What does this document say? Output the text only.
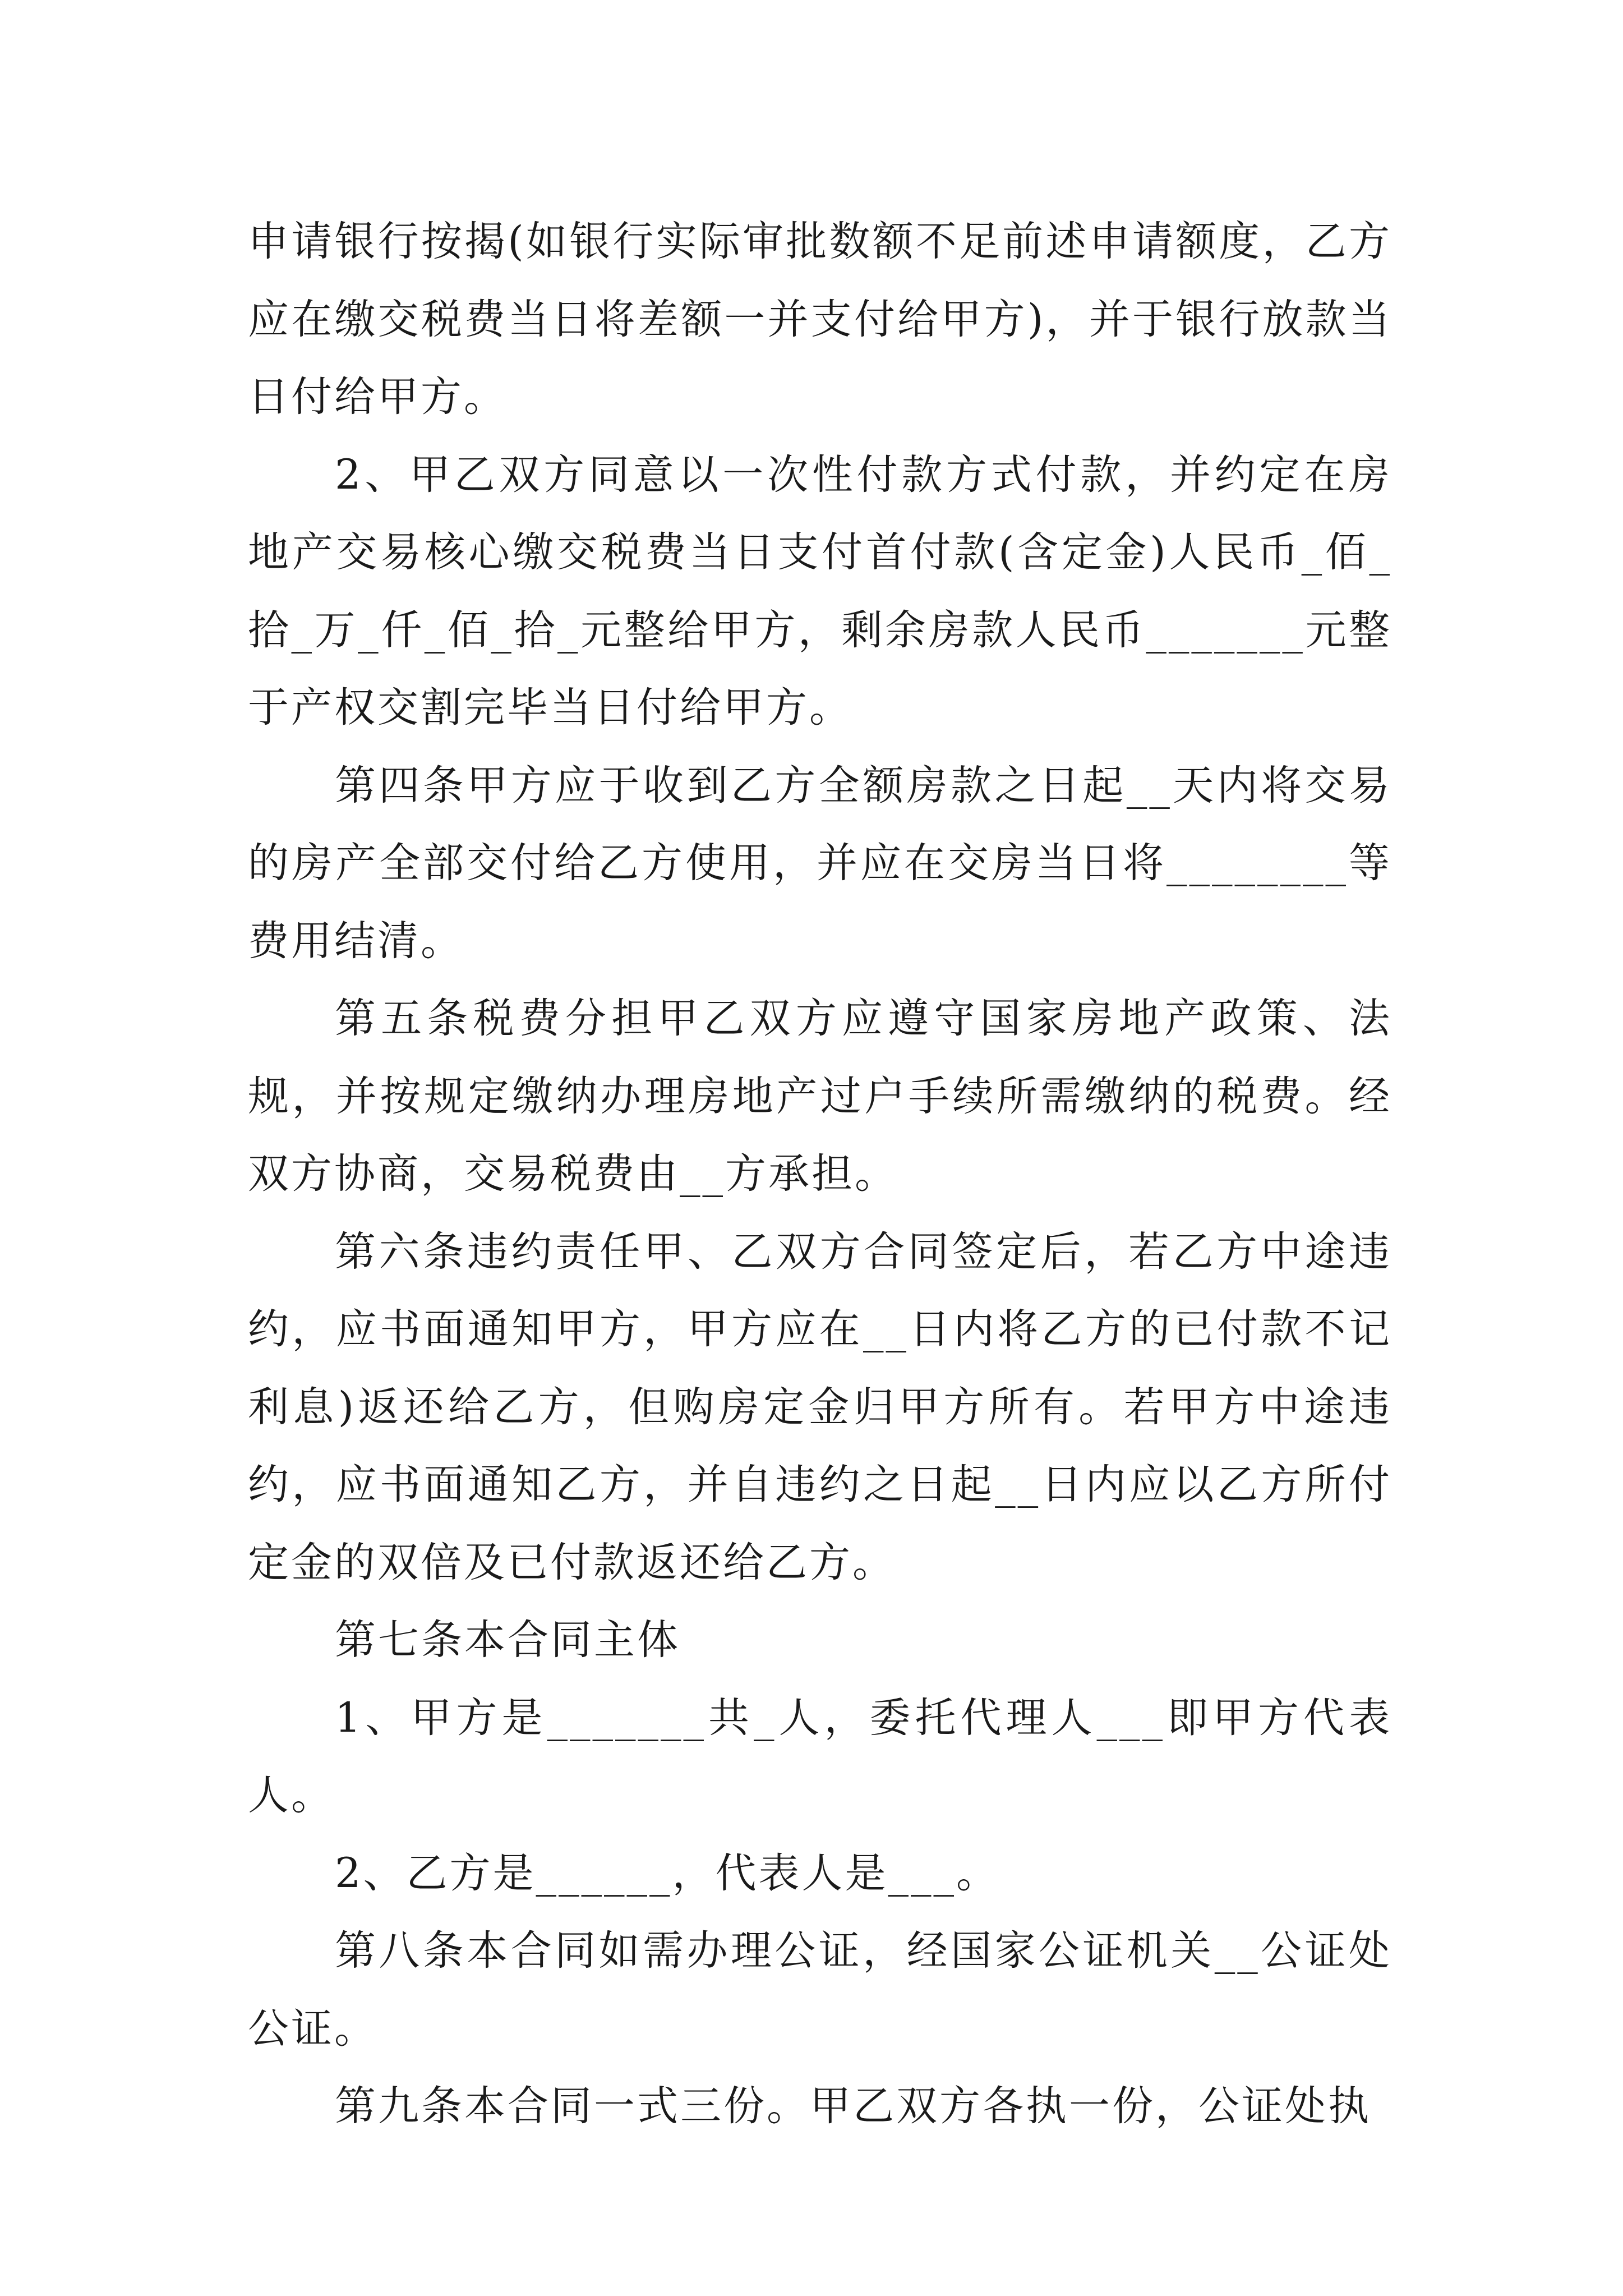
申请银行按揭(如银行实际审批数额不足前述申请额度，乙方应在缴交税费当日将差额一并支付给甲方)，并于银行放款当日付给甲方。

2、甲乙双方同意以一次性付款方式付款，并约定在房地产交易核心缴交税费当日支付首付款(含定金)人民币_佰_拾_万_仟_佰_拾_元整给甲方，剩余房款人民币_______元整于产权交割完毕当日付给甲方。

第四条甲方应于收到乙方全额房款之日起__天内将交易的房产全部交付给乙方使用，并应在交房当日将________等费用结清。

第五条税费分担甲乙双方应遵守国家房地产政策、法规，并按规定缴纳办理房地产过户手续所需缴纳的税费。经双方协商，交易税费由__方承担。

第六条违约责任甲、乙双方合同签定后，若乙方中途违约，应书面通知甲方，甲方应在__日内将乙方的已付款不记利息)返还给乙方，但购房定金归甲方所有。若甲方中途违约，应书面通知乙方，并自违约之日起__日内应以乙方所付定金的双倍及已付款返还给乙方。

第七条本合同主体

1、甲方是_______共_人，委托代理人___即甲方代表人。

2、乙方是______，代表人是___。

第八条本合同如需办理公证，经国家公证机关__公证处公证。

第九条本合同一式三份。甲乙双方各执一份，公证处执
